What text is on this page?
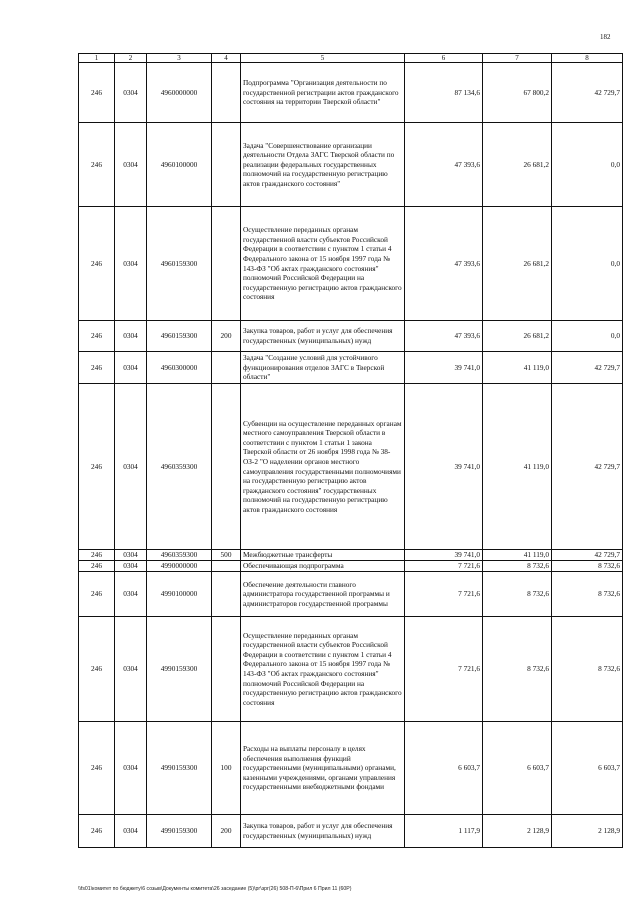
182
1	2	3	4	5	6	7	8
246	0304	4960000000		Подпрограмма "Организация деятельности по государственной регистрации актов гражданского состояния на территории Тверской области"	87 134,6	67 800,2	42 729,7
246	0304	4960100000		Задача "Совершенствование организации деятельности Отдела ЗАГС Тверской области по реализации федеральных государственных полномочий на государственную регистрацию актов гражданского состояния"	47 393,6	26 681,2	0,0
246	0304	4960159300		Осуществление переданных органам государственной власти субъектов Российской Федерации в соответствии с пунктом 1 статьи 4 Федерального закона от 15 ноября 1997 года № 143-ФЗ "Об актах гражданского состояния" полномочий Российской Федерации на государственную регистрацию актов гражданского состояния	47 393,6	26 681,2	0,0
246	0304	4960159300	200	Закупка товаров, работ и услуг для обеспечения государственных (муниципальных) нужд	47 393,6	26 681,2	0,0
246	0304	4960300000		Задача "Создание условий для устойчивого функционирования отделов ЗАГС в Тверской области"	39 741,0	41 119,0	42 729,7
246	0304	4960359300		Субвенции на осуществление переданных органам местного самоуправления Тверской области в соответствии с пунктом 1 статьи 1 закона Тверской области от 26 ноября 1998 года № 38-ОЗ-2 "О наделении органов местного самоуправления государственными полномочиями на государственную регистрацию актов гражданского состояния" государственных полномочий на государственную регистрацию актов гражданского состояния	39 741,0	41 119,0	42 729,7
246	0304	4960359300	500	Межбюджетные трансферты	39 741,0	41 119,0	42 729,7
246	0304	4990000000		Обеспечивающая подпрограмма	7 721,6	8 732,6	8 732,6
246	0304	4990100000		Обеспечение деятельности главного администратора государственной программы и администраторов государственной программы	7 721,6	8 732,6	8 732,6
246	0304	4990159300		Осуществление переданных органам государственной власти субъектов Российской Федерации в соответствии с пунктом 1 статьи 4 Федерального закона от 15 ноября 1997 года № 143-ФЗ "Об актах гражданского состояния" полномочий Российской Федерации на государственную регистрацию актов гражданского состояния	7 721,6	8 732,6	8 732,6
246	0304	4990159300	100	Расходы на выплаты персоналу в целях обеспечения выполнения функций государственными (муниципальными) органами, казенными учреждениями, органами управления государственными внебюджетными фондами	6 603,7	6 603,7	6 603,7
246	0304	4990159300	200	Закупка товаров, работ и услуг для обеспечения государственных (муниципальных) нужд	1 117,9	2 128,9	2 128,9
\\fs01\комитет по бюджету\6 созыв\Документы комитета\26 заседание (5)\рг\зрг(26) 508-П-6\Прил 6 Прил 11 (60P)
